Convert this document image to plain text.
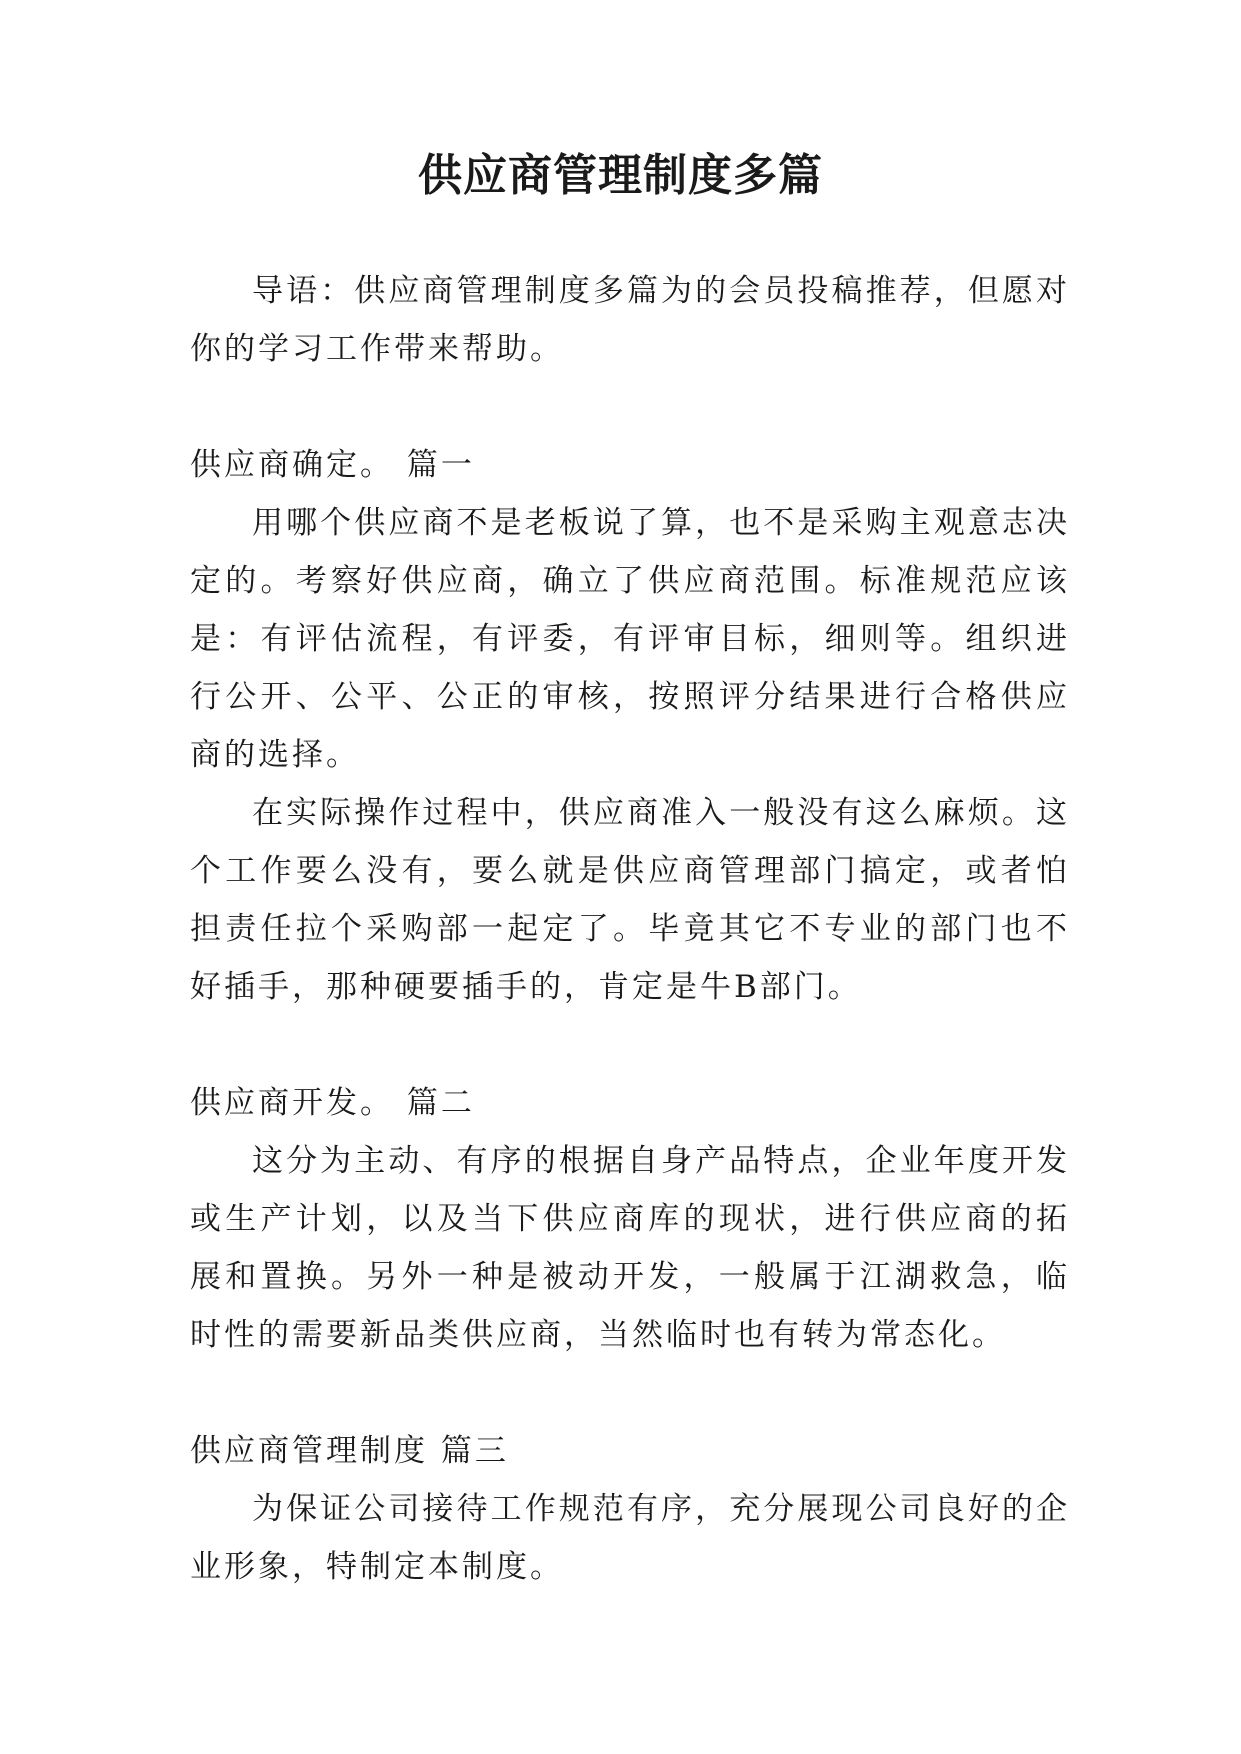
供应商管理制度多篇

导语：供应商管理制度多篇为的会员投稿推荐，但愿对你的学习工作带来帮助。

供应商确定。 篇一

用哪个供应商不是老板说了算，也不是采购主观意志决定的。考察好供应商，确立了供应商范围。标准规范应该是：有评估流程，有评委，有评审目标，细则等。组织进行公开、公平、公正的审核，按照评分结果进行合格供应商的选择。

在实际操作过程中，供应商准入一般没有这么麻烦。这个工作要么没有，要么就是供应商管理部门搞定，或者怕担责任拉个采购部一起定了。毕竟其它不专业的部门也不好插手，那种硬要插手的，肯定是牛B部门。

供应商开发。 篇二

这分为主动、有序的根据自身产品特点，企业年度开发或生产计划，以及当下供应商库的现状，进行供应商的拓展和置换。另外一种是被动开发，一般属于江湖救急，临时性的需要新品类供应商，当然临时也有转为常态化。

供应商管理制度 篇三

为保证公司接待工作规范有序，充分展现公司良好的企业形象，特制定本制度。
